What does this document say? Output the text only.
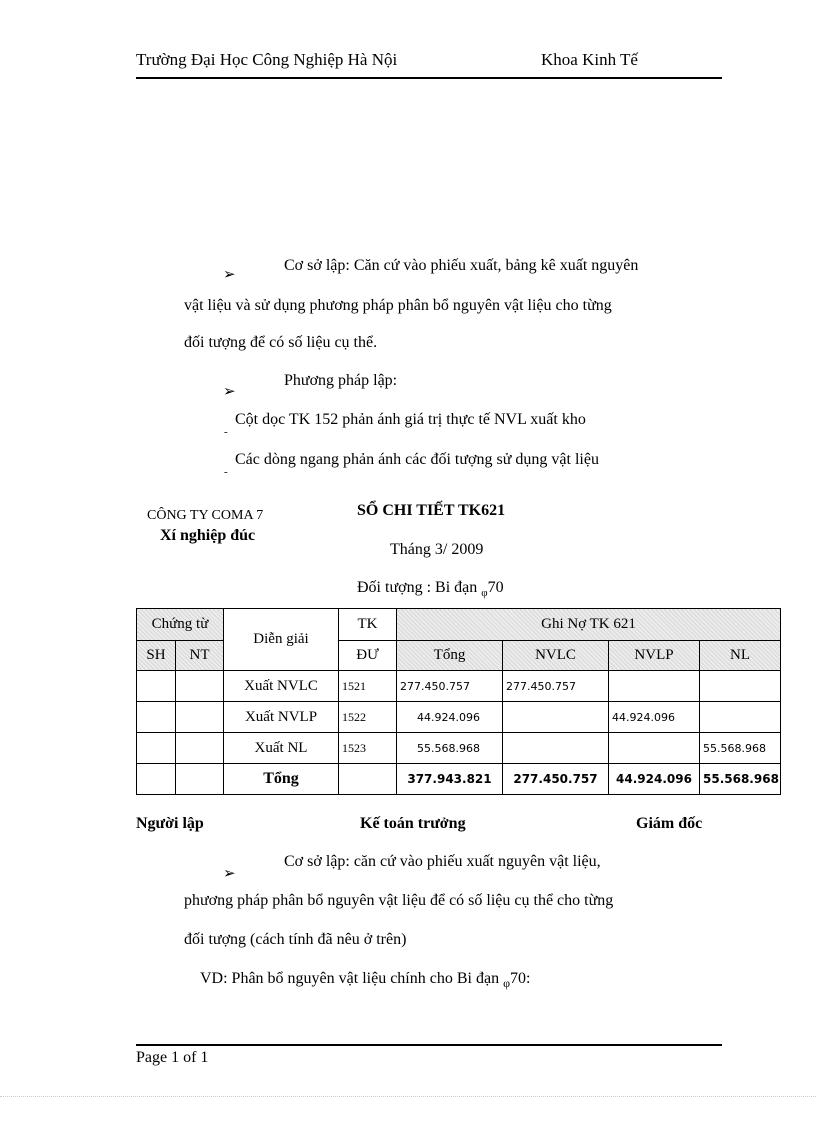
Trường Đại Học Công Nghiệp Hà Nội	Khoa Kinh Tế
➢
Cơ sở lập: Căn cứ vào phiếu xuất, bảng kê xuất nguyên
vật liệu và sử dụng phương pháp phân bổ nguyên vật liệu cho từng
đối tượng để có số liệu cụ thể.
➢
Phương pháp lập:
-
Cột dọc TK 152 phản ánh giá trị thực tế NVL xuất kho
-
Các dòng ngang phản ánh các đối tượng sử dụng vật liệu
CÔNG TY COMA 7
Xí nghiệp đúc
SỔ CHI TIẾT TK621
Tháng 3/ 2009
Đối tượng : Bi đạn $_\varphi$70
Chứng từ		Diễn giải	TK	Ghi Nợ TK 621			
SH	NT		ĐƯ	Tổng	NVLC	NVLP	NL
		Xuất NVLC	1521	277.450.757	277.450.757		
		Xuất NVLP	1522	44.924.096		44.924.096	
		Xuất NL	1523	55.568.968			55.568.968
		Tổng		377.943.821	277.450.757	44.924.096	55.568.968
Người lập	Kế toán trưởng	Giám đốc
➢
Cơ sở lập: căn cứ vào phiếu xuất nguyên vật liệu,
phương pháp phân bổ nguyên vật liệu để có số liệu cụ thể cho từng
đối tượng (cách tính đã nêu ở trên)
VD: Phân bổ nguyên vật liệu chính cho Bi đạn $_\varphi$70:
Page 1 of 1
